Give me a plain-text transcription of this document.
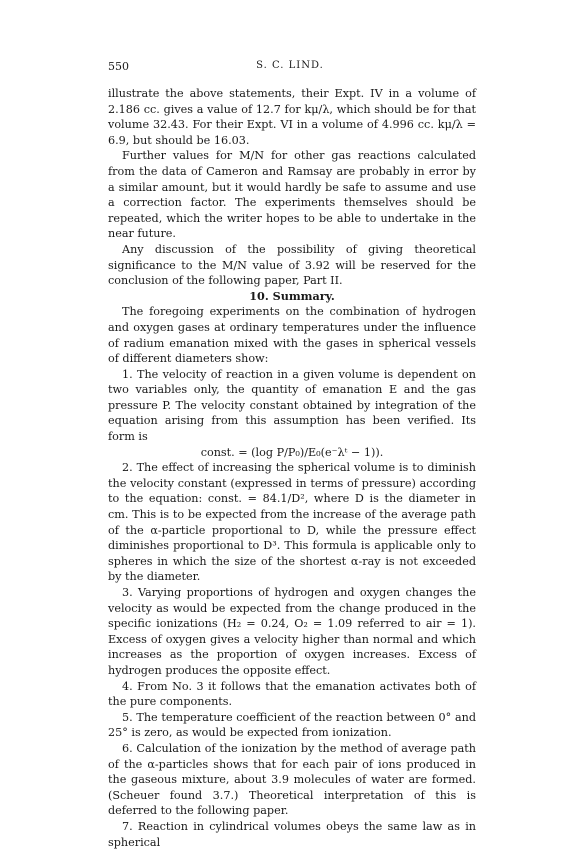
550	S. C. LIND.

illustrate the above statements, their Expt. IV in a volume of 2.186 cc. gives a value of 12.7 for kμ/λ, which should be for that volume 32.43. For their Expt. VI in a volume of 4.996 cc. kμ/λ = 6.9, but should be 16.03.

Further values for M/N for other gas reactions calculated from the data of Cameron and Ramsay are probably in error by a similar amount, but it would hardly be safe to assume and use a correction factor. The experiments themselves should be repeated, which the writer hopes to be able to undertake in the near future.

Any discussion of the possibility of giving theoretical significance to the M/N value of 3.92 will be reserved for the conclusion of the following paper, Part II.

10. Summary.

The foregoing experiments on the combination of hydrogen and oxygen gases at ordinary temperatures under the influence of radium emanation mixed with the gases in spherical vessels of different diameters show:

1. The velocity of reaction in a given volume is dependent on two variables only, the quantity of emanation E and the gas pressure P. The velocity constant obtained by integration of the equation arising from this assumption has been verified. Its form is

const. = (log P/P₀)/E₀(e⁻λᵗ − 1)).

2. The effect of increasing the spherical volume is to diminish the velocity constant (expressed in terms of pressure) according to the equation: const. = 84.1/D², where D is the diameter in cm. This is to be expected from the increase of the average path of the α-particle proportional to D, while the pressure effect diminishes proportional to D³. This formula is applicable only to spheres in which the size of the shortest α-ray is not exceeded by the diameter.

3. Varying proportions of hydrogen and oxygen changes the velocity as would be expected from the change produced in the specific ionizations (H₂ = 0.24, O₂ = 1.09 referred to air = 1). Excess of oxygen gives a velocity higher than normal and which increases as the proportion of oxygen increases. Excess of hydrogen produces the opposite effect.

4. From No. 3 it follows that the emanation activates both of the pure components.

5. The temperature coefficient of the reaction between 0° and 25° is zero, as would be expected from ionization.

6. Calculation of the ionization by the method of average path of the α-particles shows that for each pair of ions produced in the gaseous mixture, about 3.9 molecules of water are formed. (Scheuer found 3.7.) Theoretical interpretation of this is deferred to the following paper.

7. Reaction in cylindrical volumes obeys the same law as in spherical
